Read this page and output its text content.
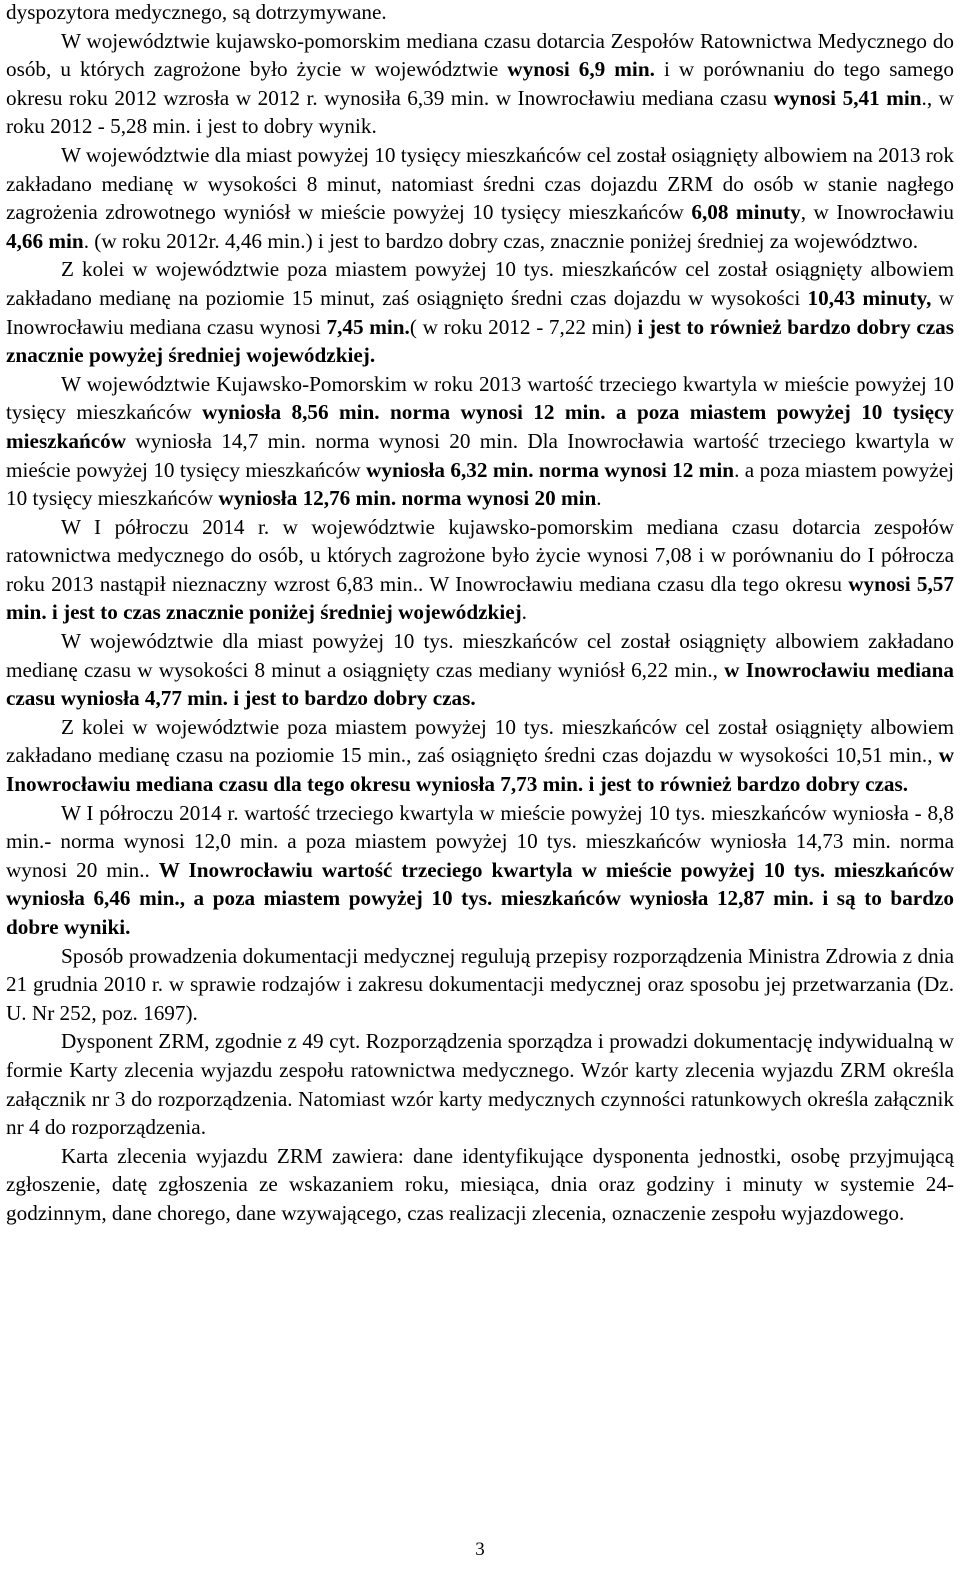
dyspozytora medycznego, są dotrzymywane.

W województwie kujawsko-pomorskim mediana czasu dotarcia Zespołów Ratownictwa Medycznego do osób, u których zagrożone było życie w województwie wynosi 6,9 min. i w porównaniu do tego samego okresu roku 2012 wzrosła w 2012 r. wynosiła 6,39 min. w Inowrocławiu mediana czasu wynosi 5,41 min., w roku 2012 - 5,28 min. i jest to dobry wynik.

W województwie dla miast powyżej 10 tysięcy mieszkańców cel został osiągnięty albowiem na 2013 rok zakładano medianę w wysokości 8 minut, natomiast średni czas dojazdu ZRM do osób w stanie nagłego zagrożenia zdrowotnego wyniósł w mieście powyżej 10 tysięcy mieszkańców 6,08 minuty, w Inowrocławiu 4,66 min. (w roku 2012r. 4,46 min.) i jest to bardzo dobry czas, znacznie poniżej średniej za województwo.

Z kolei w województwie poza miastem powyżej 10 tys. mieszkańców cel został osiągnięty albowiem zakładano medianę na poziomie 15 minut, zaś osiągnięto średni czas dojazdu w wysokości 10,43 minuty, w Inowrocławiu mediana czasu wynosi 7,45 min.( w roku 2012 - 7,22 min) i jest to również bardzo dobry czas znacznie powyżej średniej wojewódzkiej.

W województwie Kujawsko-Pomorskim w roku 2013 wartość trzeciego kwartyla w mieście powyżej 10 tysięcy mieszkańców wyniosła 8,56 min. norma wynosi 12 min. a poza miastem powyżej 10 tysięcy mieszkańców wyniosła 14,7 min. norma wynosi 20 min. Dla Inowrocławia wartość trzeciego kwartyla w mieście powyżej 10 tysięcy mieszkańców wyniosła 6,32 min. norma wynosi 12 min. a poza miastem powyżej 10 tysięcy mieszkańców wyniosła 12,76 min. norma wynosi 20 min.

W I półroczu 2014 r. w województwie kujawsko-pomorskim mediana czasu dotarcia zespołów ratownictwa medycznego do osób, u których zagrożone było życie wynosi 7,08 i w porównaniu do I półrocza roku 2013 nastąpił nieznaczny wzrost 6,83 min.. W Inowrocławiu mediana czasu dla tego okresu wynosi 5,57 min. i jest to czas znacznie poniżej średniej wojewódzkiej.

W województwie dla miast powyżej 10 tys. mieszkańców cel został osiągnięty albowiem zakładano medianę czasu w wysokości 8 minut a osiągnięty czas mediany wyniósł 6,22 min., w Inowrocławiu mediana czasu wyniosła 4,77 min. i jest to bardzo dobry czas.

Z kolei w województwie poza miastem powyżej 10 tys. mieszkańców cel został osiągnięty albowiem zakładano medianę czasu na poziomie 15 min., zaś osiągnięto średni czas dojazdu w wysokości 10,51 min., w Inowrocławiu mediana czasu dla tego okresu wyniosła 7,73 min. i jest to również bardzo dobry czas.

W I półroczu 2014 r. wartość trzeciego kwartyla w mieście powyżej 10 tys. mieszkańców wyniosła - 8,8 min.- norma wynosi 12,0 min. a poza miastem powyżej 10 tys. mieszkańców wyniosła 14,73 min. norma wynosi 20 min.. W Inowrocławiu wartość trzeciego kwartyla w mieście powyżej 10 tys. mieszkańców wyniosła 6,46 min., a poza miastem powyżej 10 tys. mieszkańców wyniosła 12,87 min. i są to bardzo dobre wyniki.

Sposób prowadzenia dokumentacji medycznej regulują przepisy rozporządzenia Ministra Zdrowia z dnia 21 grudnia 2010 r. w sprawie rodzajów i zakresu dokumentacji medycznej oraz sposobu jej przetwarzania (Dz. U. Nr 252, poz. 1697).

Dysponent ZRM, zgodnie z 49 cyt. Rozporządzenia sporządza i prowadzi dokumentację indywidualną w formie Karty zlecenia wyjazdu zespołu ratownictwa medycznego. Wzór karty zlecenia wyjazdu ZRM określa załącznik nr 3 do rozporządzenia. Natomiast wzór karty medycznych czynności ratunkowych określa załącznik nr 4 do rozporządzenia.

Karta zlecenia wyjazdu ZRM zawiera: dane identyfikujące dysponenta jednostki, osobę przyjmującą zgłoszenie, datę zgłoszenia ze wskazaniem roku, miesiąca, dnia oraz godziny i minuty w systemie 24-godzinnym, dane chorego, dane wzywającego, czas realizacji zlecenia, oznaczenie zespołu wyjazdowego.

3
